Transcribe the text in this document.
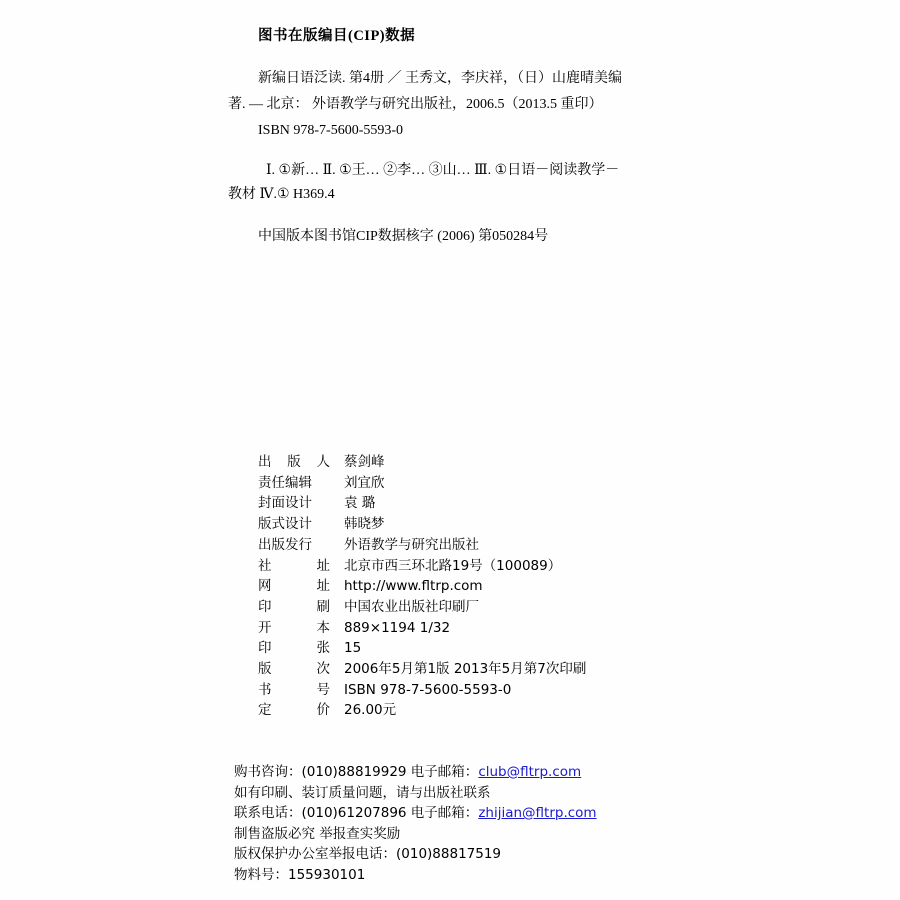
图书在版编目(CIP)数据
新编日语泛读. 第4册 ／ 王秀文，李庆祥，（日）山鹿晴美编
著. — 北京： 外语教学与研究出版社，2006.5（2013.5 重印）
ISBN 978-7-5600-5593-0
Ⅰ. ①新… Ⅱ. ①王… ②李… ③山… Ⅲ. ①日语－阅读教学－
教材 Ⅳ.① H369.4
中国版本图书馆CIP数据核字 (2006) 第050284号
出 版 人 蔡剑峰
责任编辑 刘宜欣
封面设计 袁 璐
版式设计 韩晓梦
出版发行 外语教学与研究出版社
社	址 北京市西三环北路19号（100089）
网	址 http://www.fltrp.com
印	刷 中国农业出版社印刷厂
开	本 889×1194 1/32
印	张 15
版	次 2006年5月第1版 2013年5月第7次印刷
书	号 ISBN 978-7-5600-5593-0
定	价 26.00元
购书咨询：(010)88819929 电子邮箱：club@fltrp.com
如有印刷、装订质量问题，请与出版社联系
联系电话：(010)61207896 电子邮箱：zhijian@fltrp.com
制售盗版必究 举报查实奖励
版权保护办公室举报电话：(010)88817519
物料号：155930101
